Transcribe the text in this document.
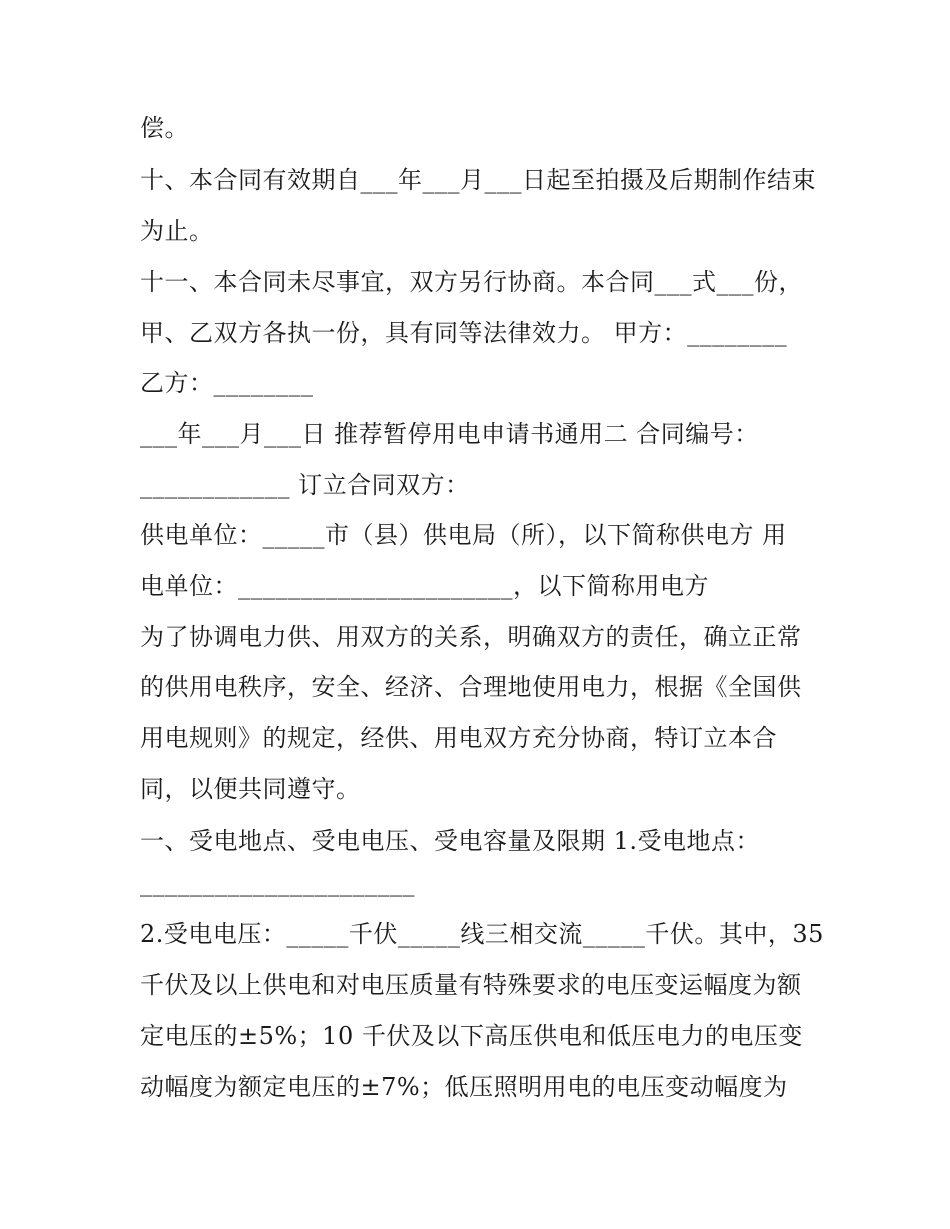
偿。
十、本合同有效期自___年___月___日起至拍摄及后期制作结束
为止。
十一、本合同未尽事宜，双方另行协商。本合同___式___份，
甲、乙双方各执一份，具有同等法律效力。 甲方：________
乙方：________
___年___月___日 推荐暂停用电申请书通用二 合同编号：
____________ 订立合同双方：
供电单位：_____市（县）供电局（所），以下简称供电方 用
电单位：______________________，以下简称用电方
为了协调电力供、用双方的关系，明确双方的责任，确立正常
的供用电秩序，安全、经济、合理地使用电力，根据《全国供
用电规则》的规定，经供、用电双方充分协商，特订立本合
同，以便共同遵守。
一、受电地点、受电电压、受电容量及限期 1.受电地点：
______________________
2.受电电压：_____千伏_____线三相交流_____千伏。其中，35
千伏及以上供电和对电压质量有特殊要求的电压变运幅度为额
定电压的±5%；10 千伏及以下高压供电和低压电力的电压变
动幅度为额定电压的±7%；低压照明用电的电压变动幅度为
